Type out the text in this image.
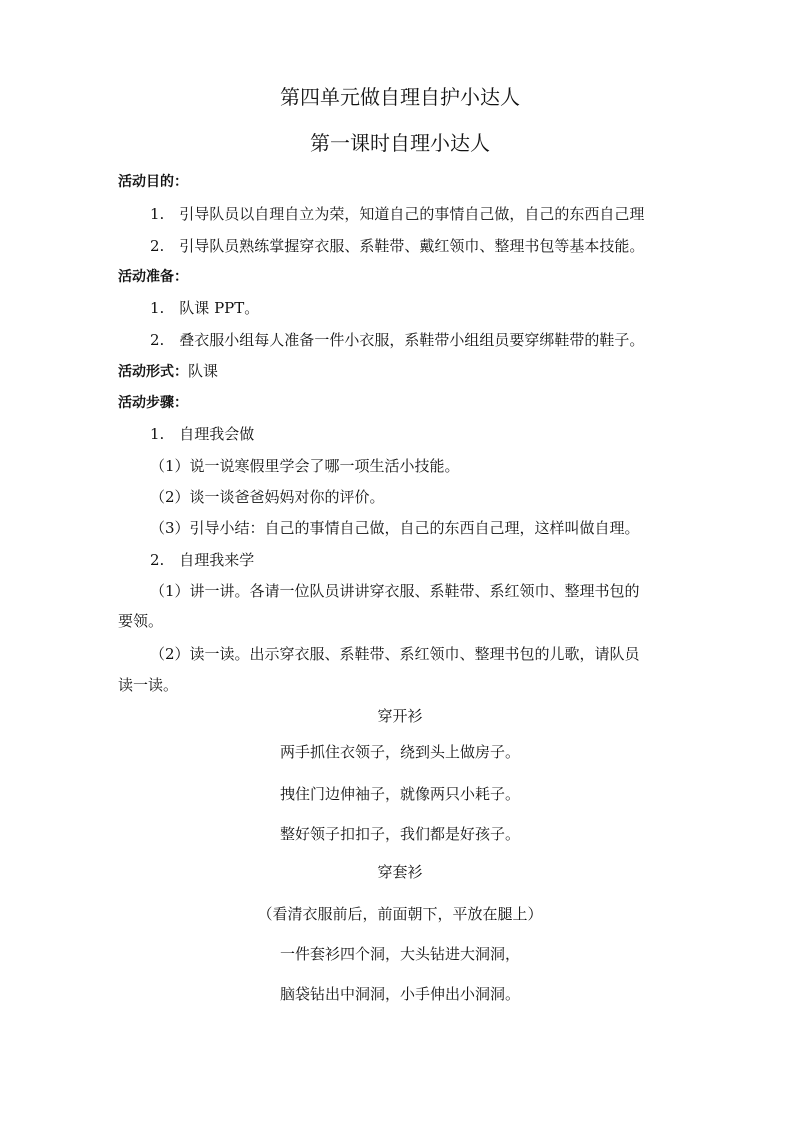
第四单元做自理自护小达人
第一课时自理小达人
活动目的：
1.　引导队员以自理自立为荣，知道自己的事情自己做，自己的东西自己理
2.　引导队员熟练掌握穿衣服、系鞋带、戴红领巾、整理书包等基本技能。
活动准备：
1.　队课 PPT。
2.　叠衣服小组每人准备一件小衣服，系鞋带小组组员要穿绑鞋带的鞋子。
活动形式：队课
活动步骤：
1.　自理我会做
（1）说一说寒假里学会了哪一项生活小技能。
（2）谈一谈爸爸妈妈对你的评价。
（3）引导小结：自己的事情自己做，自己的东西自己理，这样叫做自理。
2.　自理我来学
（1）讲一讲。各请一位队员讲讲穿衣服、系鞋带、系红领巾、整理书包的
要领。
（2）读一读。出示穿衣服、系鞋带、系红领巾、整理书包的儿歌，请队员
读一读。
穿开衫
两手抓住衣领子，绕到头上做房子。
拽住门边伸袖子，就像两只小耗子。
整好领子扣扣子，我们都是好孩子。
穿套衫
（看清衣服前后，前面朝下，平放在腿上）
一件套衫四个洞，大头钻进大洞洞，
脑袋钻出中洞洞，小手伸出小洞洞。
